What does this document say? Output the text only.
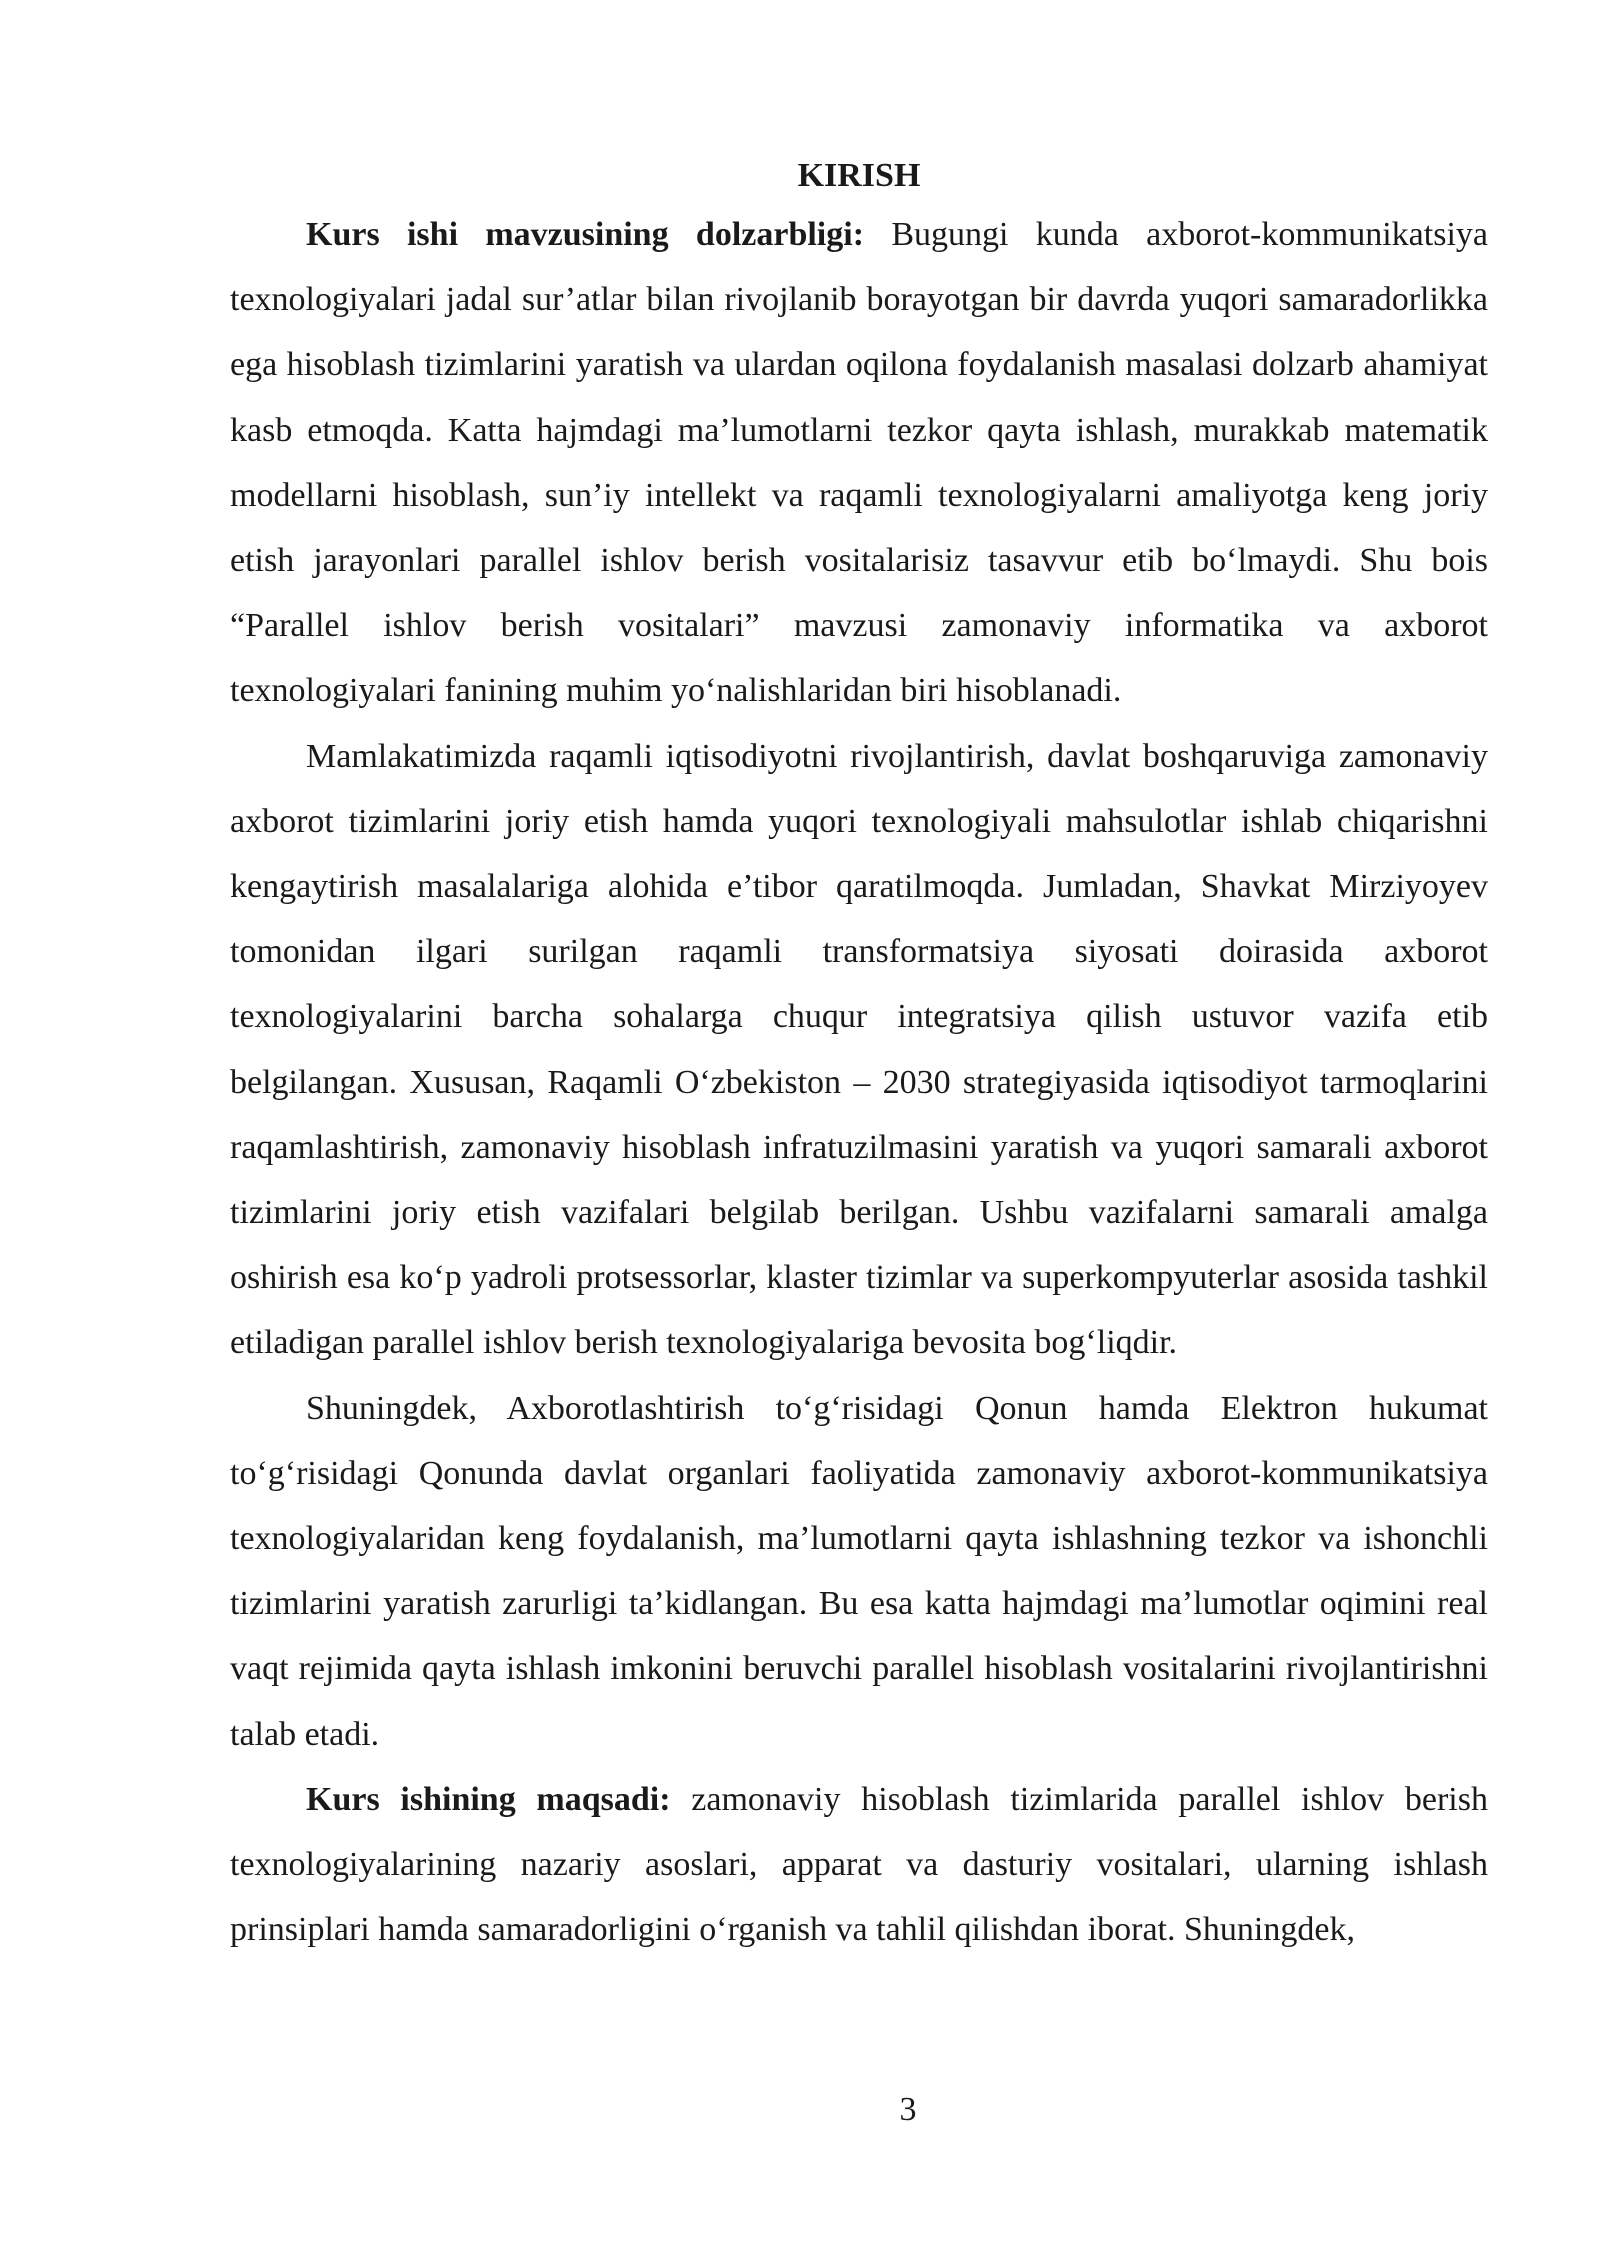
KIRISH

Kurs ishi mavzusining dolzarbligi: Bugungi kunda axborot-kommunikatsiya texnologiyalari jadal sur’atlar bilan rivojlanib borayotgan bir davrda yuqori samaradorlikka ega hisoblash tizimlarini yaratish va ulardan oqilona foydalanish masalasi dolzarb ahamiyat kasb etmoqda. Katta hajmdagi ma’lumotlarni tezkor qayta ishlash, murakkab matematik modellarni hisoblash, sun’iy intellekt va raqamli texnologiyalarni amaliyotga keng joriy etish jarayonlari parallel ishlov berish vositalarisiz tasavvur etib bo‘lmaydi. Shu bois “Parallel ishlov berish vositalari” mavzusi zamonaviy informatika va axborot texnologiyalari fanining muhim yo‘nalishlaridan biri hisoblanadi.

Mamlakatimizda raqamli iqtisodiyotni rivojlantirish, davlat boshqaruviga zamonaviy axborot tizimlarini joriy etish hamda yuqori texnologiyali mahsulotlar ishlab chiqarishni kengaytirish masalalariga alohida e’tibor qaratilmoqda. Jumladan, Shavkat Mirziyoyev tomonidan ilgari surilgan raqamli transformatsiya siyosati doirasida axborot texnologiyalarini barcha sohalarga chuqur integratsiya qilish ustuvor vazifa etib belgilangan. Xususan, Raqamli O‘zbekiston – 2030 strategiyasida iqtisodiyot tarmoqlarini raqamlashtirish, zamonaviy hisoblash infratuzilmasini yaratish va yuqori samarali axborot tizimlarini joriy etish vazifalari belgilab berilgan. Ushbu vazifalarni samarali amalga oshirish esa ko‘p yadroli protsessorlar, klaster tizimlar va superkompyuterlar asosida tashkil etiladigan parallel ishlov berish texnologiyalariga bevosita bog‘liqdir.

Shuningdek, Axborotlashtirish to‘g‘risidagi Qonun hamda Elektron hukumat to‘g‘risidagi Qonunda davlat organlari faoliyatida zamonaviy axborot-kommunikatsiya texnologiyalaridan keng foydalanish, ma’lumotlarni qayta ishlashning tezkor va ishonchli tizimlarini yaratish zarurligi ta’kidlangan. Bu esa katta hajmdagi ma’lumotlar oqimini real vaqt rejimida qayta ishlash imkonini beruvchi parallel hisoblash vositalarini rivojlantirishni talab etadi.

Kurs ishining maqsadi: zamonaviy hisoblash tizimlarida parallel ishlov berish texnologiyalarining nazariy asoslari, apparat va dasturiy vositalari, ularning ishlash prinsiplari hamda samaradorligini o‘rganish va tahlil qilishdan iborat. Shuningdek,

3
